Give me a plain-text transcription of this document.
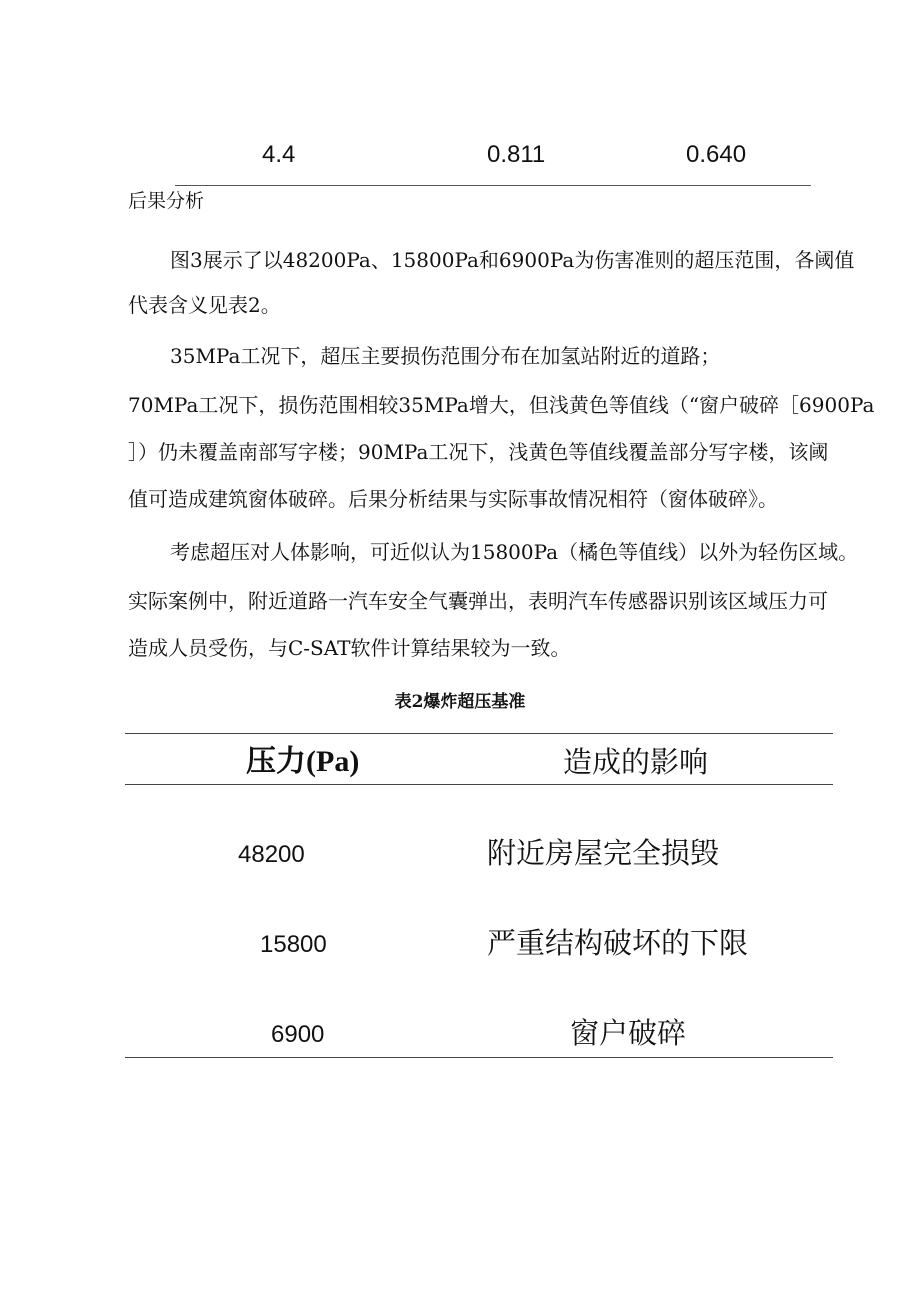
4.4	0.811	0.640
后果分析
图3展示了以48200Pa、15800Pa和6900Pa为伤害准则的超压范围，各阈值
代表含义见表2。
35MPa工况下，超压主要损伤范围分布在加氢站附近的道路；
70MPa工况下，损伤范围相较35MPa增大，但浅黄色等值线（“窗户破碎［6900Pa
］）仍未覆盖南部写字楼；90MPa工况下，浅黄色等值线覆盖部分写字楼，该阈
值可造成建筑窗体破碎。后果分析结果与实际事故情况相符（窗体破碎》。
考虑超压对人体影响，可近似认为15800Pa（橘色等值线）以外为轻伤区域。
实际案例中，附近道路一汽车安全气囊弹出，表明汽车传感器识别该区域压力可
造成人员受伤，与C-SAT软件计算结果较为一致。
表2爆炸超压基准
压力(Pa)	造成的影响
48200	附近房屋完全损毁
15800	严重结构破坏的下限
6900	窗户破碎
